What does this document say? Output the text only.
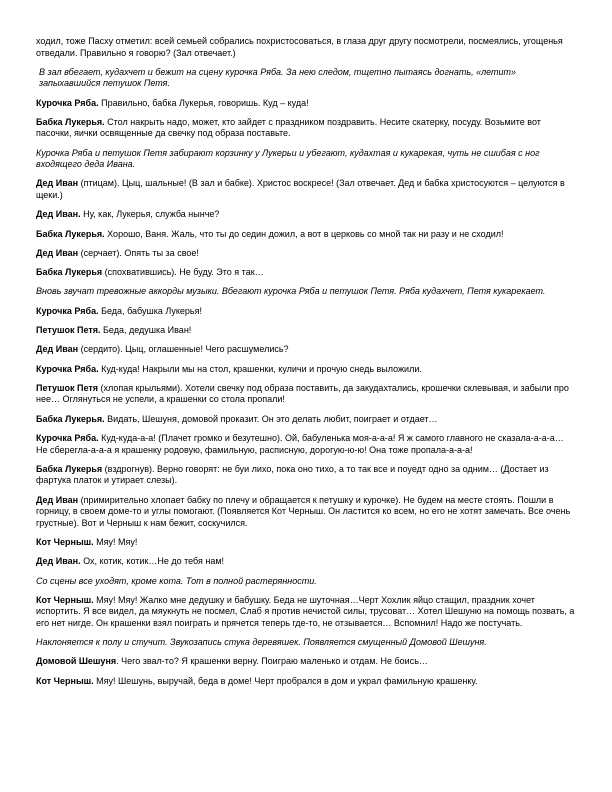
ходил, тоже Пасху отметил: всей семьей собрались похристосоваться, в глаза друг другу посмотрели, посмеялись, угощенья отведали. Правильно я говорю? (Зал отвечает.)

В зал вбегает, кудахчет и бежит на сцену курочка Ряба. За нею следом, тщетно пытаясь догнать, «летит» запыхавшийся петушок Петя.

Курочка Ряба. Правильно, бабка Лукерья, говоришь. Куд – куда!

Бабка Лукерья. Стол накрыть надо, может, кто зайдет с праздником поздравить. Несите скатерку, посуду. Возьмите вот пасочки, яички освященные да свечку под образа поставьте.

Курочка Ряба и петушок Петя забирают корзинку у Лукерьи и убегают, кудахтая и кукарекая, чуть не сшибая с ног входящего деда Ивана.

Дед Иван (птицам). Цыц, шальные! (В зал и бабке). Христос воскресе! (Зал отвечает. Дед и бабка христосуются – целуются в щеки.)

Дед Иван. Ну, как, Лукерья, служба нынче?

Бабка Лукерья. Хорошо, Ваня. Жаль, что ты до седин дожил, а вот в церковь со мной так ни разу и не сходил!

Дед Иван (серчает). Опять ты за свое!

Бабка Лукерья (спохватившись). Не буду. Это я так…

Вновь звучат тревожные аккорды музыки. Вбегают курочка Ряба и петушок Петя. Ряба кудахчет, Петя кукарекает.

Курочка Ряба. Беда, бабушка Лукерья!

Петушок Петя. Беда, дедушка Иван!

Дед Иван (сердито). Цыц, оглашенные! Чего расшумелись?

Курочка Ряба. Куд-куда! Накрыли мы на стол, крашенки, куличи и прочую снедь выложили.

Петушок Петя (хлопая крыльями). Хотели свечку под образа поставить, да закудахтались, крошечки склевывая, и забыли про нее… Оглянуться не успели, а крашенки со стола пропали!

Бабка Лукерья. Видать, Шешуня, домовой проказит. Он это делать любит, поиграет и отдает…

Курочка Ряба. Куд-куда-а-а! (Плачет громко и безутешно). Ой, бабуленька моя-а-а-а! Я ж самого главного не сказала-а-а-а… Не сберегла-а-а-а я крашенку родовую, фамильную, расписную, дорогую-ю-ю! Она тоже пропала-а-а-а!

Бабка Лукерья (вздрогнув). Верно говорят: не буи лихо, пока оно тихо, а то так все и поуедт одно за одним… (Достает из фартука платок и утирает слезы).

Дед Иван (примирительно хлопает бабку по плечу и обращается к петушку и курочке). Не будем на месте стоять. Пошли в горницу, в своем доме-то и углы помогают. (Появляется Кот Черныш. Он ластится ко всем, но его не хотят замечать. Все очень грустные). Вот и Черныш к нам бежит, соскучился.

Кот Черныш. Мяу! Мяу!

Дед Иван. Ох, котик, котик…Не до тебя нам!

Со сцены все уходят, кроме кота. Тот в полной растерянности.

Кот Черныш. Мяу! Мяу! Жалко мне дедушку и бабушку. Беда не шуточная…Черт Хохлик яйцо стащил, праздник хочет испортить. Я все видел, да мяукнуть не посмел, Слаб я против нечистой силы, трусоват… Хотел Шешуню на помощь позвать, а его нет нигде. Он крашенки взял поиграть и прячется теперь где-то, не отзывается… Вспомнил! Надо же постучать.

Наклоняется к полу и стучит. Звукозапись стука деревяшек. Появляется смущенный Домовой Шешуня.

Домовой Шешуня. Чего звал-то? Я крашенки верну. Поиграю маленько и отдам. Не боись…

Кот Черныш. Мяу! Шешунь, выручай, беда в доме! Черт пробрался в дом и украл фамильную крашенку.
